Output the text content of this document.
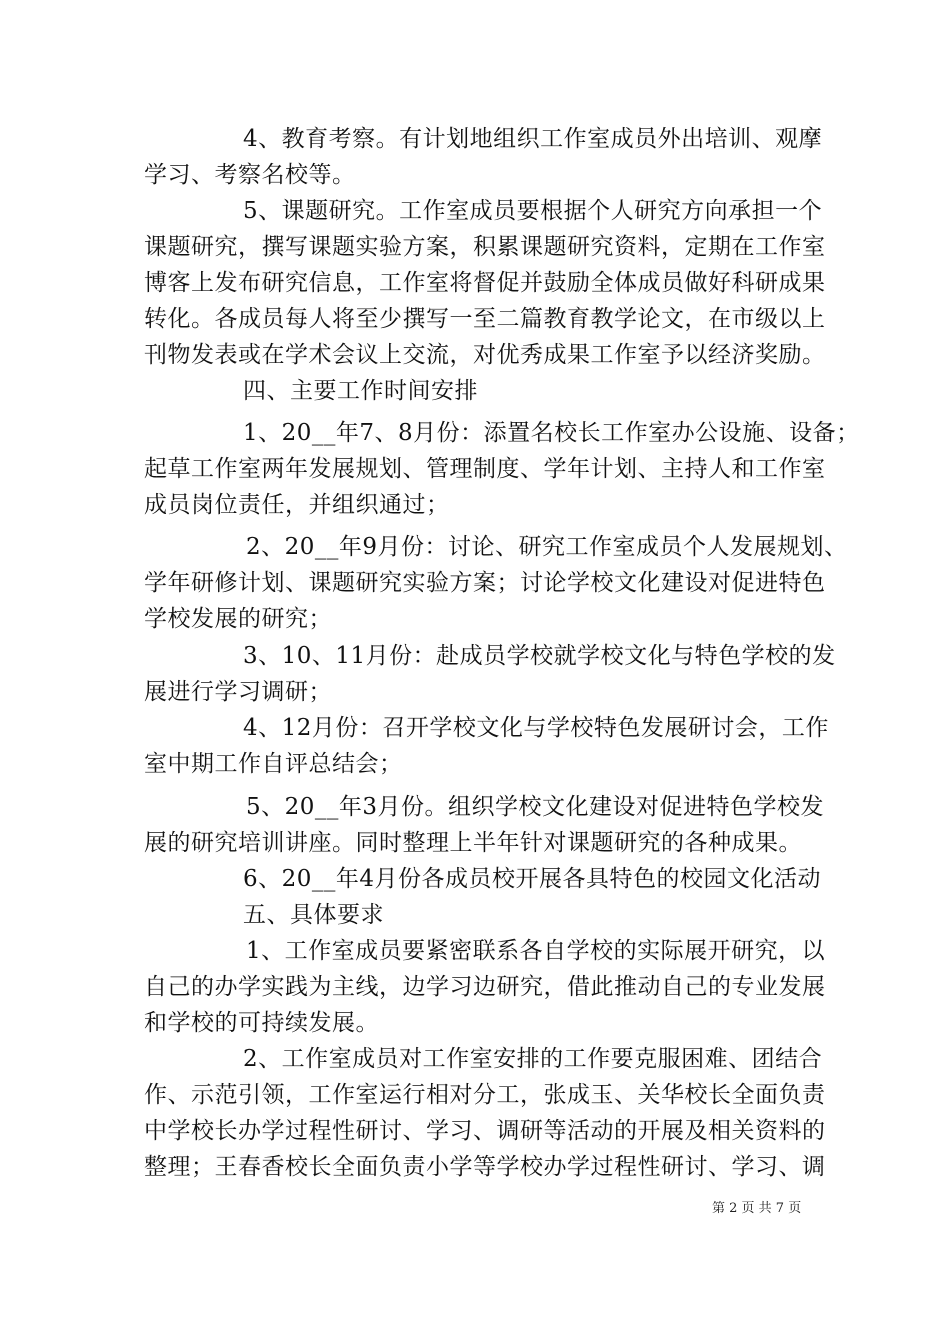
4、教育考察。有计划地组织工作室成员外出培训、观摩
学习、考察名校等。
5、课题研究。工作室成员要根据个人研究方向承担一个
课题研究，撰写课题实验方案，积累课题研究资料，定期在工作室
博客上发布研究信息，工作室将督促并鼓励全体成员做好科研成果
转化。各成员每人将至少撰写一至二篇教育教学论文，在市级以上
刊物发表或在学术会议上交流，对优秀成果工作室予以经济奖励。
四、主要工作时间安排
1、20__年7、8月份：添置名校长工作室办公设施、设备；
起草工作室两年发展规划、管理制度、学年计划、主持人和工作室
成员岗位责任，并组织通过；
2、20__年9月份：讨论、研究工作室成员个人发展规划、
学年研修计划、课题研究实验方案；讨论学校文化建设对促进特色
学校发展的研究；
3、10、11月份：赴成员学校就学校文化与特色学校的发
展进行学习调研；
4、12月份：召开学校文化与学校特色发展研讨会，工作
室中期工作自评总结会；
5、20__年3月份。组织学校文化建设对促进特色学校发
展的研究培训讲座。同时整理上半年针对课题研究的各种成果。
6、20__年4月份各成员校开展各具特色的校园文化活动
五、具体要求
1、工作室成员要紧密联系各自学校的实际展开研究，以
自己的办学实践为主线，边学习边研究，借此推动自己的专业发展
和学校的可持续发展。
2、工作室成员对工作室安排的工作要克服困难、团结合
作、示范引领，工作室运行相对分工，张成玉、关华校长全面负责
中学校长办学过程性研讨、学习、调研等活动的开展及相关资料的
整理；王春香校长全面负责小学等学校办学过程性研讨、学习、调
第 2 页 共 7 页
